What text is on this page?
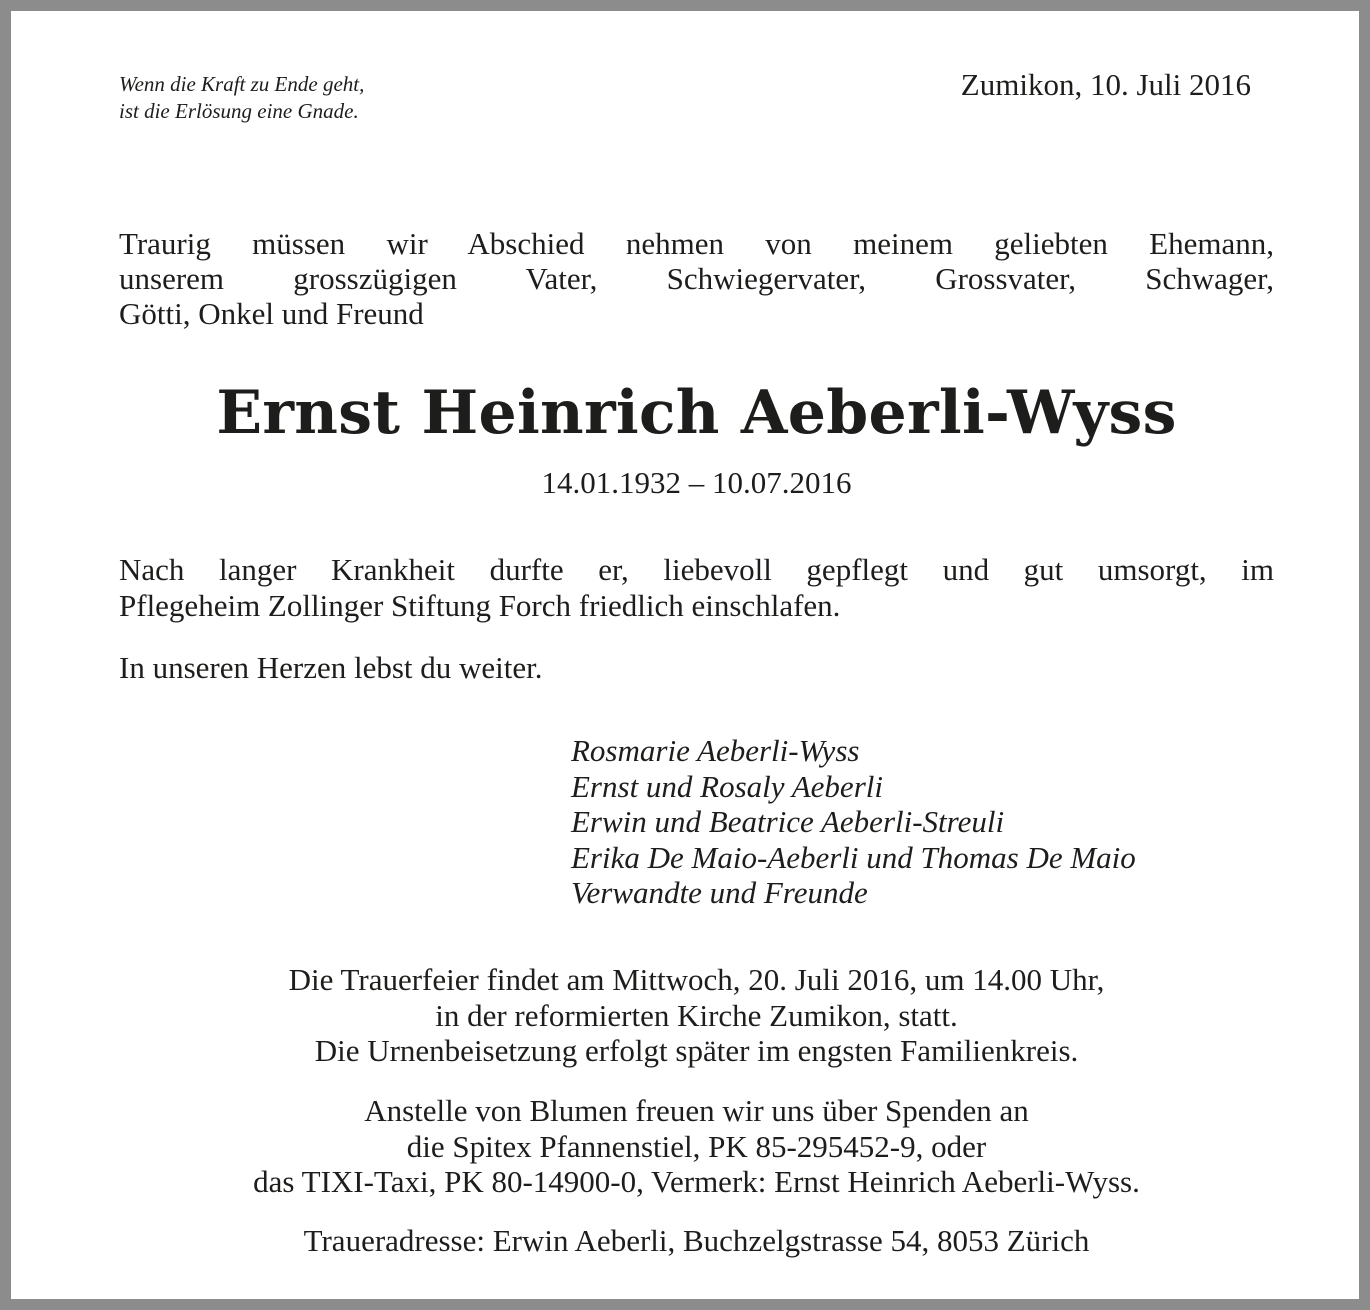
Wenn die Kraft zu Ende geht,
ist die Erlösung eine Gnade.
Zumikon, 10. Juli 2016
Traurig müssen wir Abschied nehmen von meinem geliebten Ehemann,
unserem grosszügigen Vater, Schwiegervater, Grossvater, Schwager,
Götti, Onkel und Freund
Ernst Heinrich Aeberli-Wyss
14.01.1932 – 10.07.2016
Nach langer Krankheit durfte er, liebevoll gepflegt und gut umsorgt, im
Pflegeheim Zollinger Stiftung Forch friedlich einschlafen.
In unseren Herzen lebst du weiter.
Rosmarie Aeberli-Wyss
Ernst und Rosaly Aeberli
Erwin und Beatrice Aeberli-Streuli
Erika De Maio-Aeberli und Thomas De Maio
Verwandte und Freunde
Die Trauerfeier findet am Mittwoch, 20. Juli 2016, um 14.00 Uhr,
in der reformierten Kirche Zumikon, statt.
Die Urnenbeisetzung erfolgt später im engsten Familienkreis.
Anstelle von Blumen freuen wir uns über Spenden an
die Spitex Pfannenstiel, PK 85-295452-9, oder
das TIXI-Taxi, PK 80-14900-0, Vermerk: Ernst Heinrich Aeberli-Wyss.
Traueradresse: Erwin Aeberli, Buchzelgstrasse 54, 8053 Zürich
